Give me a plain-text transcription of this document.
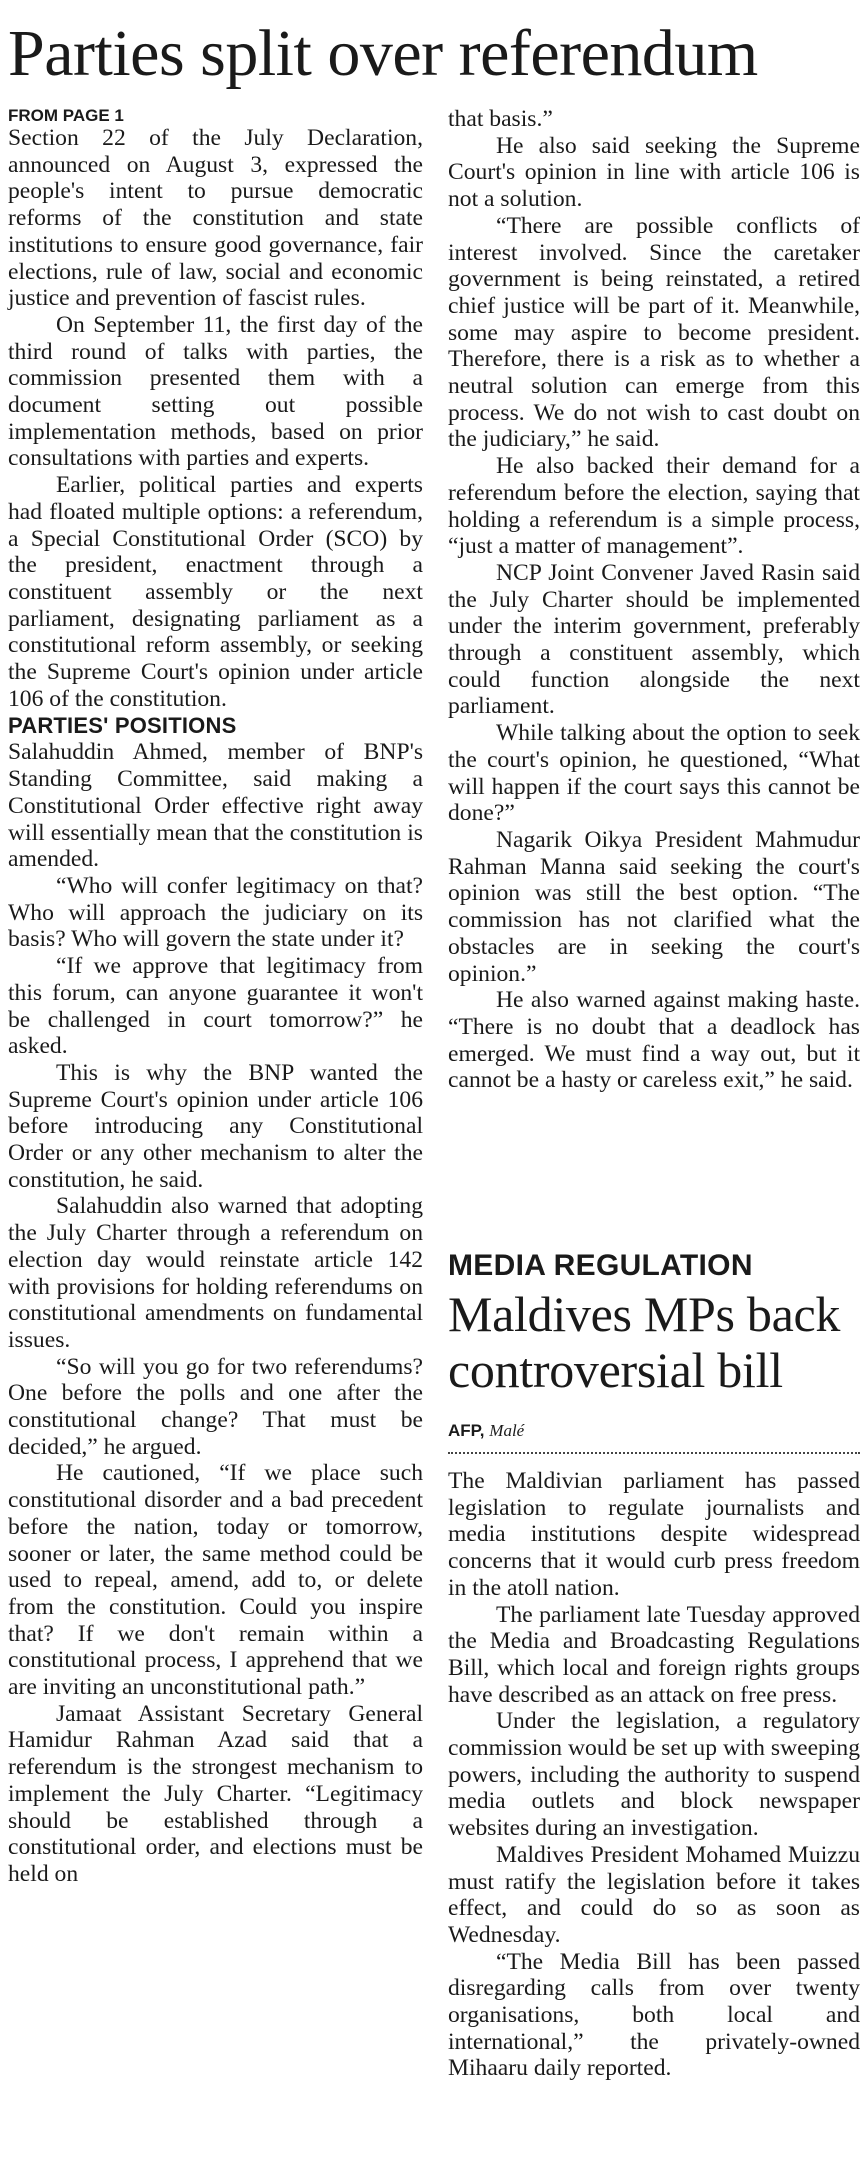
Parties split over referendum

FROM PAGE 1

Section 22 of the July Declaration, announced on August 3, expressed the people's intent to pursue democratic reforms of the constitution and state institutions to ensure good governance, fair elections, rule of law, social and economic justice and prevention of fascist rules.

On September 11, the first day of the third round of talks with parties, the commission presented them with a document setting out possible implementation methods, based on prior consultations with parties and experts.

Earlier, political parties and experts had floated multiple options: a referendum, a Special Constitutional Order (SCO) by the president, enactment through a constituent assembly or the next parliament, designating parliament as a constitutional reform assembly, or seeking the Supreme Court's opinion under article 106 of the constitution.

PARTIES' POSITIONS

Salahuddin Ahmed, member of BNP's Standing Committee, said making a Constitutional Order effective right away will essentially mean that the constitution is amended.

“Who will confer legitimacy on that? Who will approach the judiciary on its basis? Who will govern the state under it?

“If we approve that legitimacy from this forum, can anyone guarantee it won't be challenged in court tomorrow?” he asked.

This is why the BNP wanted the Supreme Court's opinion under article 106 before introducing any Constitutional Order or any other mechanism to alter the constitution, he said.

Salahuddin also warned that adopting the July Charter through a referendum on election day would reinstate article 142 with provisions for holding referendums on constitutional amendments on fundamental issues.

“So will you go for two referendums? One before the polls and one after the constitutional change? That must be decided,” he argued.

He cautioned, “If we place such constitutional disorder and a bad precedent before the nation, today or tomorrow, sooner or later, the same method could be used to repeal, amend, add to, or delete from the constitution. Could you inspire that? If we don't remain within a constitutional process, I apprehend that we are inviting an unconstitutional path.”

Jamaat Assistant Secretary General Hamidur Rahman Azad said that a referendum is the strongest mechanism to implement the July Charter. “Legitimacy should be established through a constitutional order, and elections must be held on

that basis.”

He also said seeking the Supreme Court's opinion in line with article 106 is not a solution.

“There are possible conflicts of interest involved. Since the caretaker government is being reinstated, a retired chief justice will be part of it. Meanwhile, some may aspire to become president. Therefore, there is a risk as to whether a neutral solution can emerge from this process. We do not wish to cast doubt on the judiciary,” he said.

He also backed their demand for a referendum before the election, saying that holding a referendum is a simple process, “just a matter of management”.

NCP Joint Convener Javed Rasin said the July Charter should be implemented under the interim government, preferably through a constituent assembly, which could function alongside the next parliament.

While talking about the option to seek the court's opinion, he questioned, “What will happen if the court says this cannot be done?”

Nagarik Oikya President Mahmudur Rahman Manna said seeking the court's opinion was still the best option. “The commission has not clarified what the obstacles are in seeking the court's opinion.”

He also warned against making haste. “There is no doubt that a deadlock has emerged. We must find a way out, but it cannot be a hasty or careless exit,” he said.

MEDIA REGULATION

Maldives MPs back controversial bill

AFP, Malé

The Maldivian parliament has passed legislation to regulate journalists and media institutions despite widespread concerns that it would curb press freedom in the atoll nation.

The parliament late Tuesday approved the Media and Broadcasting Regulations Bill, which local and foreign rights groups have described as an attack on free press.

Under the legislation, a regulatory commission would be set up with sweeping powers, including the authority to suspend media outlets and block newspaper websites during an investigation.

Maldives President Mohamed Muizzu must ratify the legislation before it takes effect, and could do so as soon as Wednesday.

“The Media Bill has been passed disregarding calls from over twenty organisations, both local and international,” the privately-owned Mihaaru daily reported.
